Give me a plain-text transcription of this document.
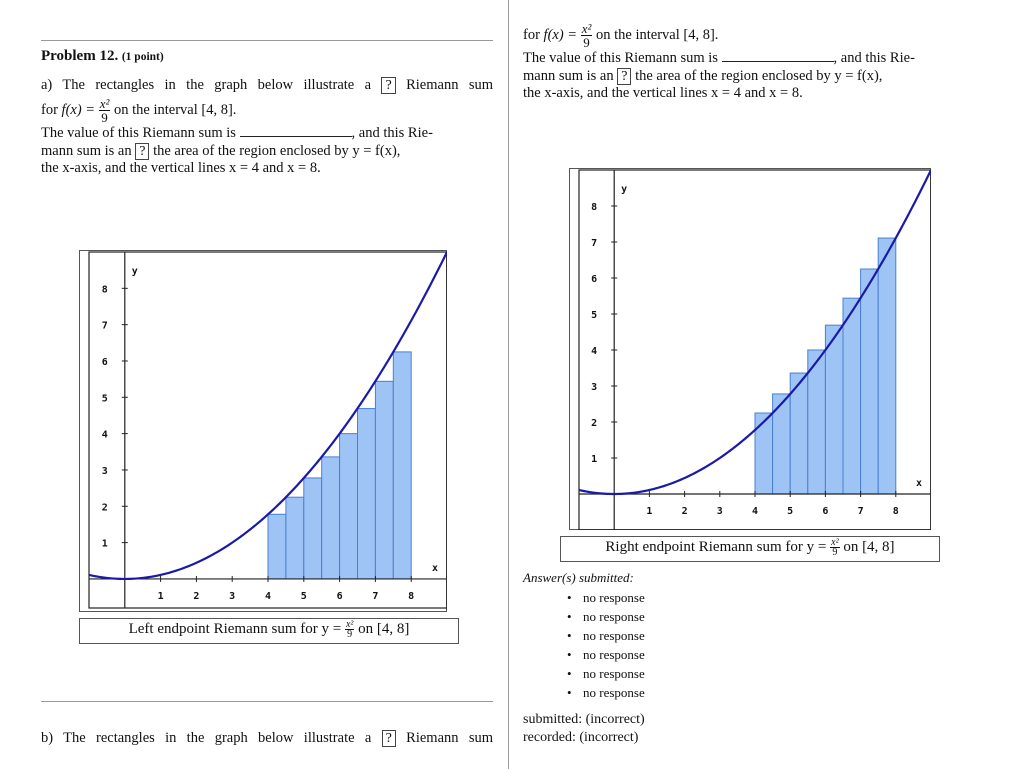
Problem 12. (1 point)

a) The rectangles in the graph below illustrate a ? Riemann sum

for $f(x) = \frac{\text{x²}}{9}$ on the interval [4, 8].

The value of this Riemann sum is	, and this Rie-

mann sum is an ? the area of the region enclosed by y = f(x),

the x-axis, and the vertical lines x = 4 and x = 8.

1	2	3	4	5	6	7	8
1
2
3
4
5
6
7
8
x
y
Left endpoint Riemann sum for $y = \frac{\text{x²}}{9}$ on [4, 8]

b) The rectangles in the graph below illustrate a ? Riemann sum

for $f(x) = \frac{\text{x²}}{9}$ on the interval [4, 8].

The value of this Riemann sum is	, and this Rie-

mann sum is an ? the area of the region enclosed by y = f(x),

the x-axis, and the vertical lines x = 4 and x = 8.

1	2	3	4	5	6	7	8
1
2
3
4
5
6
7
8
x
y
Right endpoint Riemann sum for $y = \frac{\text{x²}}{9}$ on [4, 8]
Answer(s) submitted:
• no response
• no response
• no response
• no response
• no response
• no response
submitted: (incorrect)
recorded: (incorrect)
